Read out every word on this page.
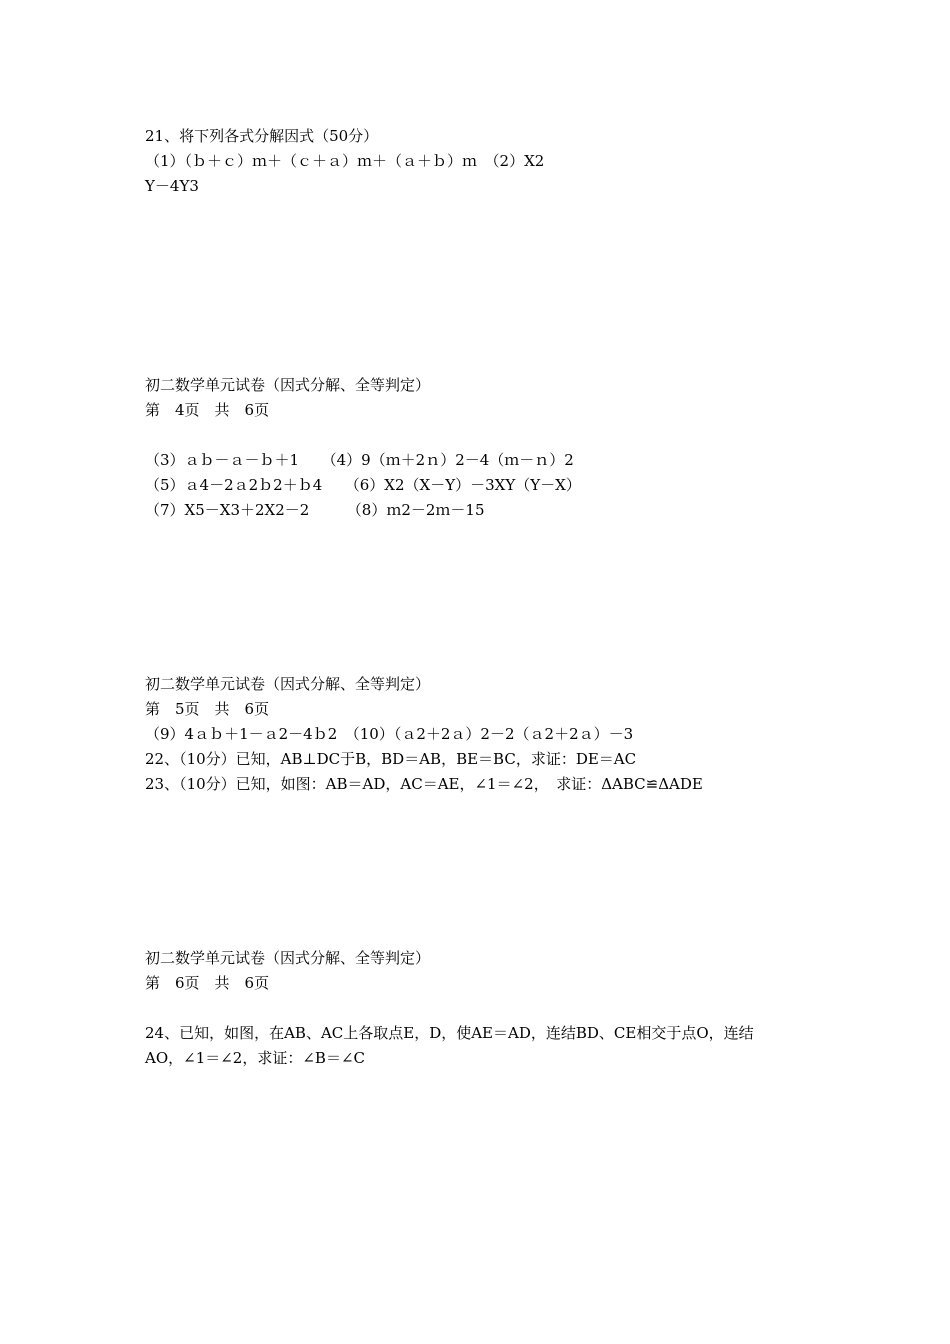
21、将下列各式分解因式（50分）
（1）（ｂ＋ｃ）ｍ＋（ｃ＋ａ）ｍ＋（ａ＋ｂ）ｍ　（2）X2
Y－4Y3
初二数学单元试卷（因式分解、全等判定）
第　4页　共　6页
（3）ａｂ－ａ－ｂ＋1　　（4）9（ｍ＋2ｎ）2－4（ｍ－ｎ）2
（5）ａ4－2ａ2ｂ2＋ｂ4　　（6）X2（X－Y）－3XY（Y－X）
（7）X5－X3＋2X2－2　　　（8）ｍ2－2ｍ－15
初二数学单元试卷（因式分解、全等判定）
第　5页　共　6页
（9）4ａｂ＋1－ａ2－4ｂ2　（10）（ａ2＋2ａ）2－2（ａ2＋2ａ）－3
22、（10分）已知，AB⊥DC于B，BD＝AB，BE＝BC，求证：DE＝AC
23、（10分）已知，如图：AB＝AD，AC＝AE，∠1＝∠2，　求证：ΔABC≌ΔADE
初二数学单元试卷（因式分解、全等判定）
第　6页　共　6页
24、已知，如图，在AB、AC上各取点E，D，使AE＝AD，连结BD、CE相交于点O，连结
AO，∠1＝∠2，求证：∠B＝∠C
